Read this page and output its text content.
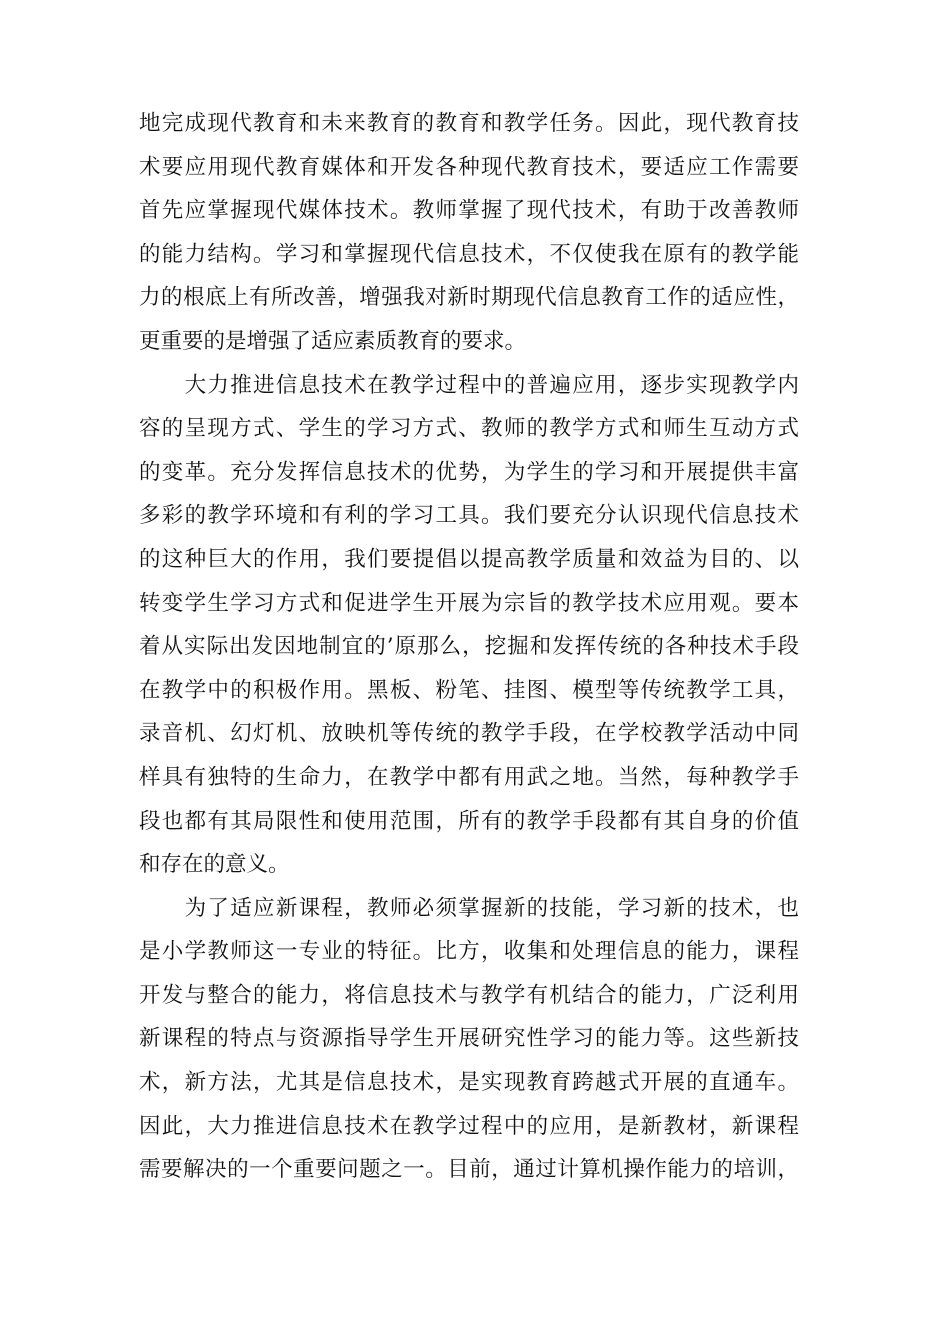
地完成现代教育和未来教育的教育和教学任务。因此，现代教育技
术要应用现代教育媒体和开发各种现代教育技术，要适应工作需要
首先应掌握现代媒体技术。教师掌握了现代技术，有助于改善教师
的能力结构。学习和掌握现代信息技术，不仅使我在原有的教学能
力的根底上有所改善，增强我对新时期现代信息教育工作的适应性，
更重要的是增强了适应素质教育的要求。
　　大力推进信息技术在教学过程中的普遍应用，逐步实现教学内
容的呈现方式、学生的学习方式、教师的教学方式和师生互动方式
的变革。充分发挥信息技术的优势，为学生的学习和开展提供丰富
多彩的教学环境和有利的学习工具。我们要充分认识现代信息技术
的这种巨大的作用，我们要提倡以提高教学质量和效益为目的、以
转变学生学习方式和促进学生开展为宗旨的教学技术应用观。要本
着从实际出发因地制宜的’原那么，挖掘和发挥传统的各种技术手段
在教学中的积极作用。黑板、粉笔、挂图、模型等传统教学工具，
录音机、幻灯机、放映机等传统的教学手段，在学校教学活动中同
样具有独特的生命力，在教学中都有用武之地。当然，每种教学手
段也都有其局限性和使用范围，所有的教学手段都有其自身的价值
和存在的意义。
　　为了适应新课程，教师必须掌握新的技能，学习新的技术，也
是小学教师这一专业的特征。比方，收集和处理信息的能力，课程
开发与整合的能力，将信息技术与教学有机结合的能力，广泛利用
新课程的特点与资源指导学生开展研究性学习的能力等。这些新技
术，新方法，尤其是信息技术，是实现教育跨越式开展的直通车。
因此，大力推进信息技术在教学过程中的应用，是新教材，新课程
需要解决的一个重要问题之一。目前，通过计算机操作能力的培训，
